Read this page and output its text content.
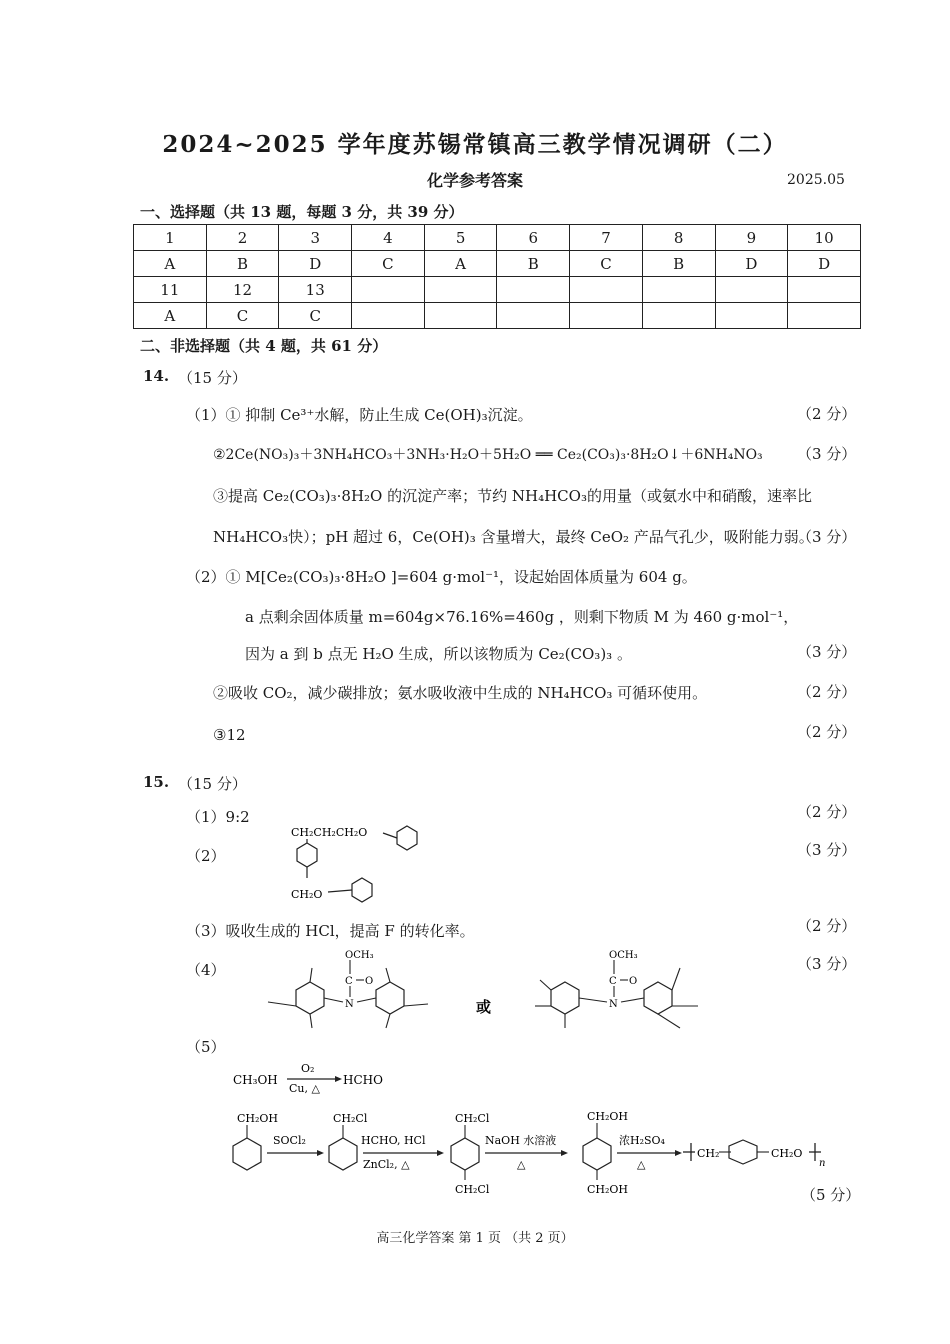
2024~2025 学年度苏锡常镇高三教学情况调研（二）
化学参考答案	2025.05
一、选择题（共 13 题，每题 3 分，共 39 分）
1	2	3	4	5	6	7	8	9	10
A	B	D	C	A	B	C	B	D	D
11	12	13							
A	C	C							
二、非选择题（共 4 题，共 61 分）
14. （15 分）
（1）① 抑制 Ce³⁺水解，防止生成 Ce(OH)₃沉淀。	（2 分）
②2Ce(NO₃)₃＋3NH₄HCO₃＋3NH₃·H₂O＋5H₂O ══ Ce₂(CO₃)₃·8H₂O↓＋6NH₄NO₃ （3 分）
③提高 Ce₂(CO₃)₃·8H₂O 的沉淀产率；节约 NH₄HCO₃的用量（或氨水中和硝酸，速率比
NH₄HCO₃快）；pH 超过 6，Ce(OH)₃ 含量增大，最终 CeO₂ 产品气孔少，吸附能力弱。
（3 分）
（2）① M[Ce₂(CO₃)₃·8H₂O ]=604 g·mol⁻¹，设起始固体质量为 604 g。
a 点剩余固体质量 m=604g×76.16%=460g ，则剩下物质 M 为 460 g·mol⁻¹，
因为 a 到 b 点无 H₂O 生成，所以该物质为 Ce₂(CO₃)₃ 。	（3 分）
②吸收 CO₂，减少碳排放；氨水吸收液中生成的 NH₄HCO₃ 可循环使用。	（2 分）
③12	（2 分）
15. （15 分）
（1）9:2	（2 分）
（2）	（3 分）
CH₂CH₂CH₂O
CH₂O
（3）吸收生成的 HCl，提高 F 的转化率。	（2 分）
（4）	（3 分）
OCH₃
C O
N	或
OCH₃
C O
N
（5）
CH₃OH
O₂
Cu, △
HCHO
CH₂OH
SOCl₂
CH₂Cl
HCHO, HCl
ZnCl₂, △
CH₂Cl
CH₂Cl
NaOH 水溶液
△
CH₂OH
CH₂OH
浓H₂SO₄
△
CH₂	CH₂O
n
（5 分）
高三化学答案 第 1 页 （共 2 页）
